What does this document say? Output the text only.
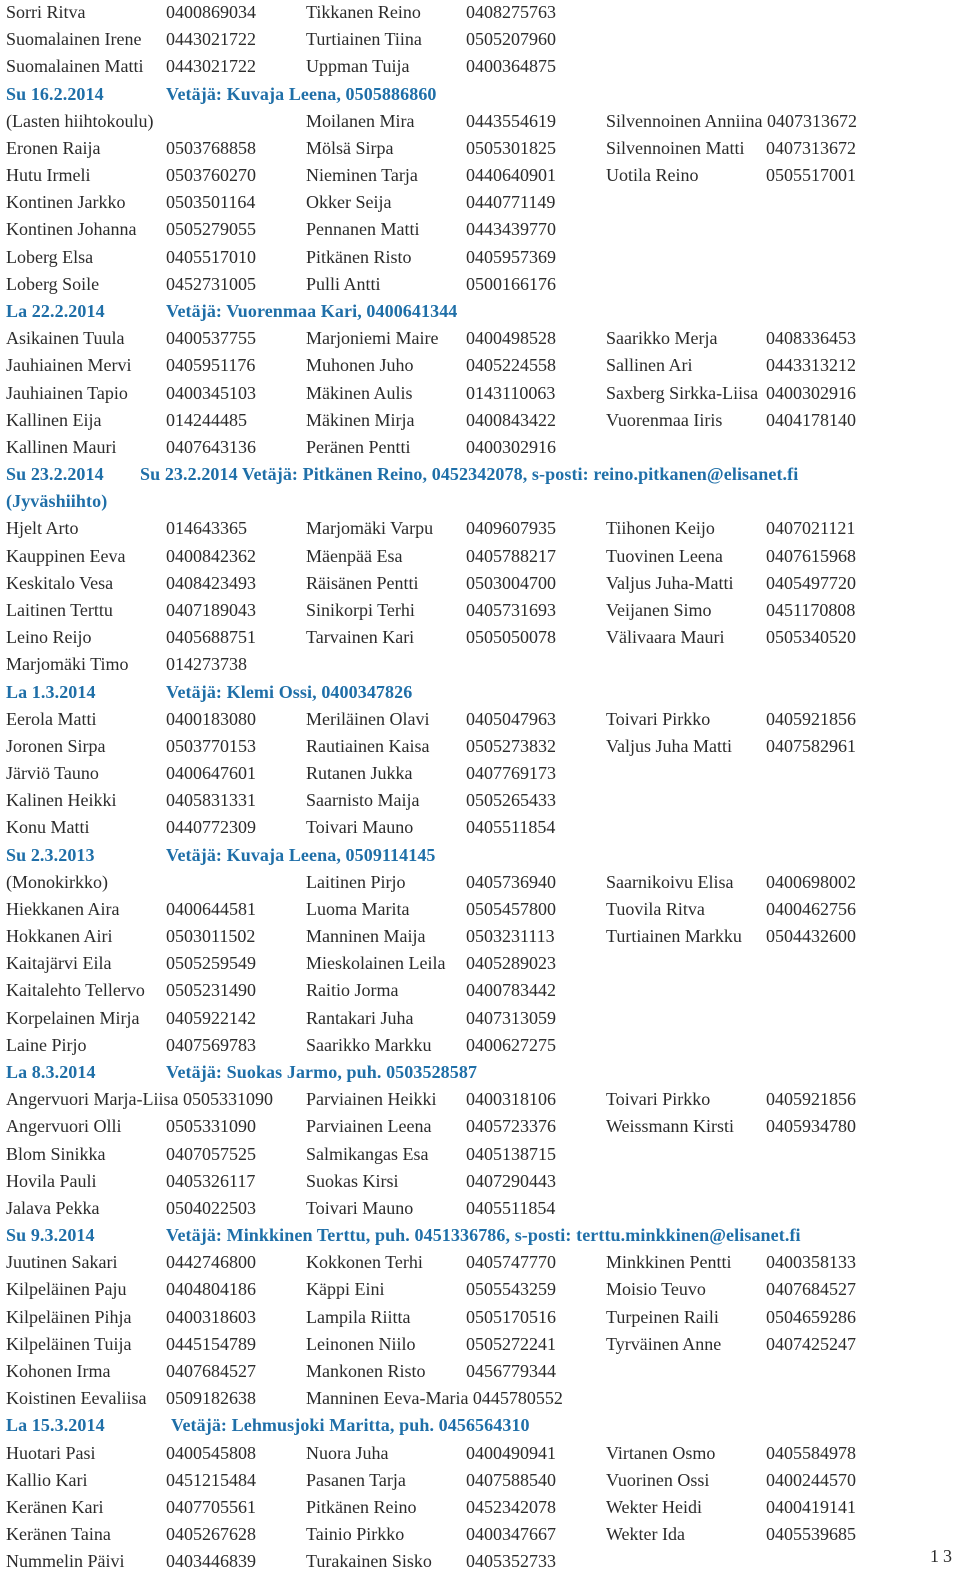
Sorri Ritva	0400869034	Tikkanen Reino	0408275763
Suomalainen Irene 0443021722	Turtiainen Tiina 0505207960
Suomalainen Matti 0443021722	Uppman Tuija	0400364875
Su 16.2.2014	Vetäjä: Kuvaja Leena, 0505886860
(Lasten hiihtokoulu)	Moilanen Mira	0443554619	Silvennoinen Anniina 0407313672
Eronen Raija	0503768858	Mölsä Sirpa	0505301825	Silvennoinen Matti 0407313672
Hutu Irmeli	0503760270	Nieminen Tarja	0440640901	Uotila Reino	0505517001
Kontinen Jarkko 0503501164	Okker Seija	0440771149
Kontinen Johanna 0505279055	Pennanen Matti	0443439770
Loberg Elsa	0405517010	Pitkänen Risto	0405957369
Loberg Soile	0452731005	Pulli Antti	0500166176
La 22.2.2014	Vetäjä: Vuorenmaa Kari, 0400641344
Asikainen Tuula 0400537755	Marjoniemi Maire 0400498528	Saarikko Merja	0408336453
Jauhiainen Mervi 0405951176	Muhonen Juho	0405224558	Sallinen Ari	0443313212
Jauhiainen Tapio 0400345103	Mäkinen Aulis	0143110063	Saxberg Sirkka-Liisa 0400302916
Kallinen Eija	014244485	Mäkinen Mirja	0400843422	Vuorenmaa Iiris 0404178140
Kallinen Mauri	0407643136	Peränen Pentti	0400302916
Su 23.2.2014 Su 23.2.2014 Vetäjä: Pitkänen Reino, 0452342078, s-posti: reino.pitkanen@elisanet.fi
(Jyväshiihto)
Hjelt Arto	014643365	Marjomäki Varpu 0409607935	Tiihonen Keijo	0407021121
Kauppinen Eeva 0400842362	Mäenpää Esa	0405788217	Tuovinen Leena 0407615968
Keskitalo Vesa	0408423493	Räisänen Pentti	0503004700	Valjus Juha-Matti 0405497720
Laitinen Terttu	0407189043	Sinikorpi Terhi	0405731693	Veijanen Simo	0451170808
Leino Reijo	0405688751	Tarvainen Kari	0505050078	Välivaara Mauri 0505340520
Marjomäki Timo 014273738
La 1.3.2014	Vetäjä: Klemi Ossi, 0400347826
Eerola Matti	0400183080	Meriläinen Olavi 0405047963	Toivari Pirkko	0405921856
Joronen Sirpa	0503770153	Rautiainen Kaisa 0505273832	Valjus Juha Matti 0407582961
Järviö Tauno	0400647601	Rutanen Jukka	0407769173
Kalinen Heikki	0405831331	Saarnisto Maija	0505265433
Konu Matti	0440772309	Toivari Mauno	0405511854
Su 2.3.2013	Vetäjä: Kuvaja Leena, 0509114145
(Monokirkko)	Laitinen Pirjo	0405736940	Saarnikoivu Elisa 0400698002
Hiekkanen Aira	0400644581	Luoma Marita	0505457800	Tuovila Ritva	0400462756
Hokkanen Airi	0503011502	Manninen Maija 0503231113	Turtiainen Markku 0504432600
Kaitajärvi Eila	0505259549	Mieskolainen Leila 0405289023
Kaitalehto Tellervo 0505231490	Raitio Jorma	0400783442
Korpelainen Mirja 0405922142	Rantakari Juha	0407313059
Laine Pirjo	0407569783	Saarikko Markku 0400627275
La 8.3.2014	Vetäjä: Suokas Jarmo, puh. 0503528587
Angervuori Marja-Liisa 0505331090 Parviainen Heikki 0400318106	Toivari Pirkko	0405921856
Angervuori Olli 0505331090	Parviainen Leena 0405723376	Weissmann Kirsti 0405934780
Blom Sinikka	0407057525	Salmikangas Esa 0405138715
Hovila Pauli	0405326117	Suokas Kirsi	0407290443
Jalava Pekka	0504022503	Toivari Mauno	0405511854
Su 9.3.2014	Vetäjä: Minkkinen Terttu, puh. 0451336786, s-posti: terttu.minkkinen@elisanet.fi
Juutinen Sakari	0442746800	Kokkonen Terhi 0405747770	Minkkinen Pentti 0400358133
Kilpeläinen Paju 0404804186	Käppi Eini	0505543259	Moisio Teuvo	0407684527
Kilpeläinen Pihja 0400318603	Lampila Riitta	0505170516	Turpeinen Raili	0504659286
Kilpeläinen Tuija 0445154789	Leinonen Niilo	0505272241	Tyrväinen Anne 0407425247
Kohonen Irma	0407684527	Mankonen Risto 0456779344
Koistinen Eevaliisa 0509182638	Manninen Eeva-Maria 0445780552
La 15.3.2014	Vetäjä: Lehmusjoki Maritta, puh. 0456564310
Huotari Pasi	0400545808	Nuora Juha	0400490941	Virtanen Osmo	0405584978
Kallio Kari	0451215484	Pasanen Tarja	0407588540	Vuorinen Ossi	0400244570
Keränen Kari	0407705561	Pitkänen Reino	0452342078	Wekter Heidi	0400419141
Keränen Taina	0405267628	Tainio Pirkko	0400347667	Wekter Ida	0405539685
Nummelin Päivi 0403446839	Turakainen Sisko 0405352733	13
